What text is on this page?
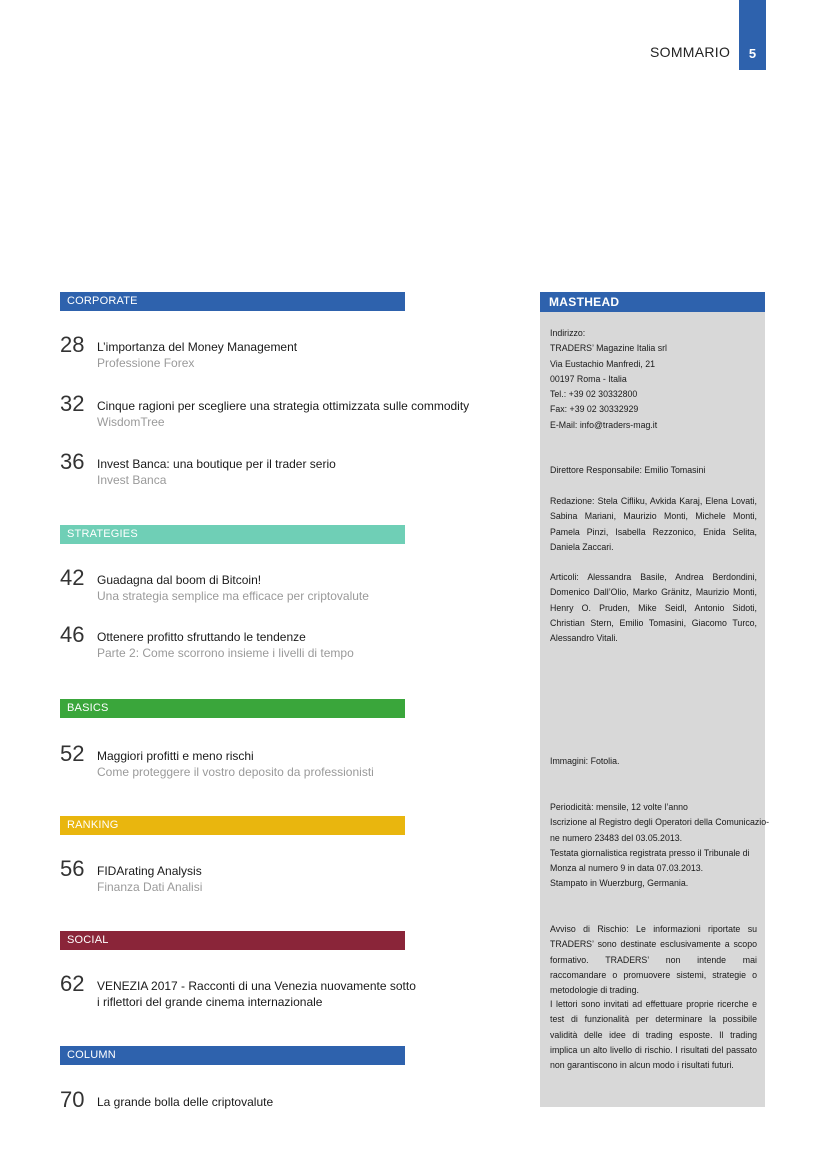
SOMMARIO	5
CORPORATE
28 L’importanza del Money Management
Professione Forex
32 Cinque ragioni per scegliere una strategia ottimizzata sulle commodity
WisdomTree
36 Invest Banca: una boutique per il trader serio
Invest Banca
STRATEGIES
42 Guadagna dal boom di Bitcoin!
Una strategia semplice ma efficace per criptovalute
46 Ottenere profitto sfruttando le tendenze
Parte 2: Come scorrono insieme i livelli di tempo
BASICS
52 Maggiori profitti e meno rischi
Come proteggere il vostro deposito da professionisti
RANKING
56 FIDArating Analysis
Finanza Dati Analisi
SOCIAL
62 VENEZIA 2017 - Racconti di una Venezia nuovamente sotto
i riflettori del grande cinema internazionale
COLUMN
70 La grande bolla delle criptovalute
MASTHEAD
Indirizzo:
TRADERS’ Magazine Italia srl
Via Eustachio Manfredi, 21
00197 Roma - Italia
Tel.: +39 02 30332800
Fax: +39 02 30332929
E-Mail: info@traders-mag.it
Direttore Responsabile: Emilio Tomasini
Redazione: Stela Cifliku, Avkida Karaj, Elena Lovati, Sabina Mariani, Maurizio Monti, Michele Monti, Pamela Pinzi, Isabella Rezzonico, Enida Selita, Daniela Zaccari.
Articoli: Alessandra Basile, Andrea Berdondini, Domenico Dall’Olio, Marko Gränitz, Maurizio Monti, Henry O. Pruden, Mike Seidl, Antonio Sidoti, Christian Stern, Emilio Tomasini, Giacomo Turco, Alessandro Vitali.
Immagini: Fotolia.
Periodicità: mensile, 12 volte l’anno
Iscrizione al Registro degli Operatori della Comunicazio-
ne numero 23483 del 03.05.2013.
Testata giornalistica registrata presso il Tribunale di
Monza al numero 9 in data 07.03.2013.
Stampato in Wuerzburg, Germania.
Avviso di Rischio: Le informazioni riportate su TRADERS’ sono destinate esclusivamente a scopo formativo. TRADERS’ non intende mai raccomandare o promuovere sistemi, strategie o metodologie di trading.
I lettori sono invitati ad effettuare proprie ricerche e test di funzionalità per determinare la possibile validità delle idee di trading esposte. Il trading implica un alto livello di rischio. I risultati del passato non garantiscono in alcun modo i risultati futuri.
